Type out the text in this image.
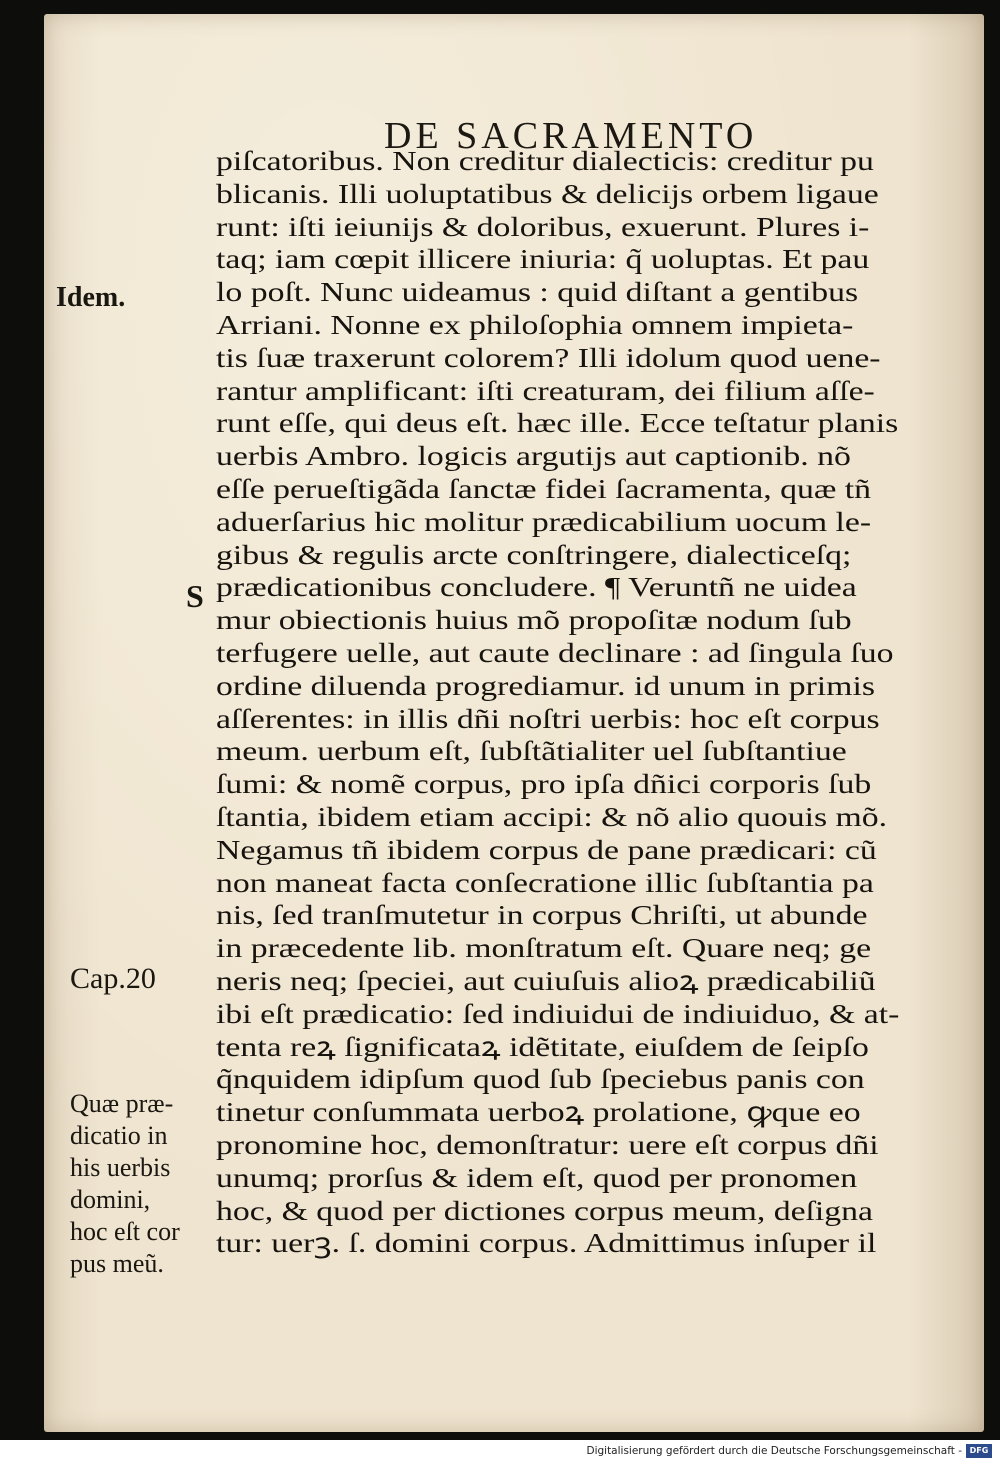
DE SACRAMENTO
piſcatoribus. Non creditur dialecticis: creditur pu
blicanis. Illi uoluptatibus & delicijs orbem ligaue
runt: iſti ieiunijs & doloribus, exuerunt. Plures i-
taq; iam cœpit illicere iniuria: q̃ uoluptas. Et pau
lo poſt. Nunc uideamus : quid diſtant a gentibus
Arriani. Nonne ex philoſophia omnem impieta-
tis ſuæ traxerunt colorem? Illi idolum quod uene-
rantur amplificant: iſti creaturam, dei filium aſſe-
runt eſſe, qui deus eſt. hæc ille. Ecce teſtatur planis
uerbis Ambro. logicis argutijs aut captionib. nõ
eſſe perueſtigãda ſanctæ fidei ſacramenta, quæ tñ
aduerſarius hic molitur prædicabilium uocum le-
gibus & regulis arcte conſtringere, dialecticeſq;
prædicationibus concludere. ¶ Veruntñ ne uidea
mur obiectionis huius mõ propoſitæ nodum ſub
terfugere uelle, aut caute declinare : ad ſingula ſuo
ordine diluenda progrediamur. id unum in primis
aſſerentes: in illis dñi noſtri uerbis: hoc eſt corpus
meum. uerbum eſt, ſubſtãtialiter uel ſubſtantiue
ſumi: & nomẽ corpus, pro ipſa dñici corporis ſub
ſtantia, ibidem etiam accipi: & nõ alio quouis mõ.
Negamus tñ ibidem corpus de pane prædicari: cũ
non maneat facta conſecratione illic ſubſtantia pa
nis, ſed tranſmutetur in corpus Chriſti, ut abunde
in præcedente lib. monſtratum eſt. Quare neq; ge
neris neq; ſpeciei, aut cuiuſuis alioꝝ prædicabiliũ
ibi eſt prædicatio: ſed indiuidui de indiuiduo, & at-
tenta reꝝ ſignificataꝝ idẽtitate, eiuſdem de ſeipſo
q̃nquidem idipſum quod ſub ſpeciebus panis con
tinetur conſummata uerboꝝ prolatione, ꝙque eo
pronomine hoc, demonſtratur: uere eſt corpus dñi
unumq; prorſus & idem eſt, quod per pronomen
hoc, & quod per dictiones corpus meum, deſigna
tur: uerꝫ. ſ. domini corpus. Admittimus inſuper il
Idem.
S
Cap.20
Quæ præ-
dicatio in
his uerbis
domini,
hoc eſt cor
pus meũ.
Digitalisierung gefördert durch die Deutsche Forschungsgemeinschaft - DFG
